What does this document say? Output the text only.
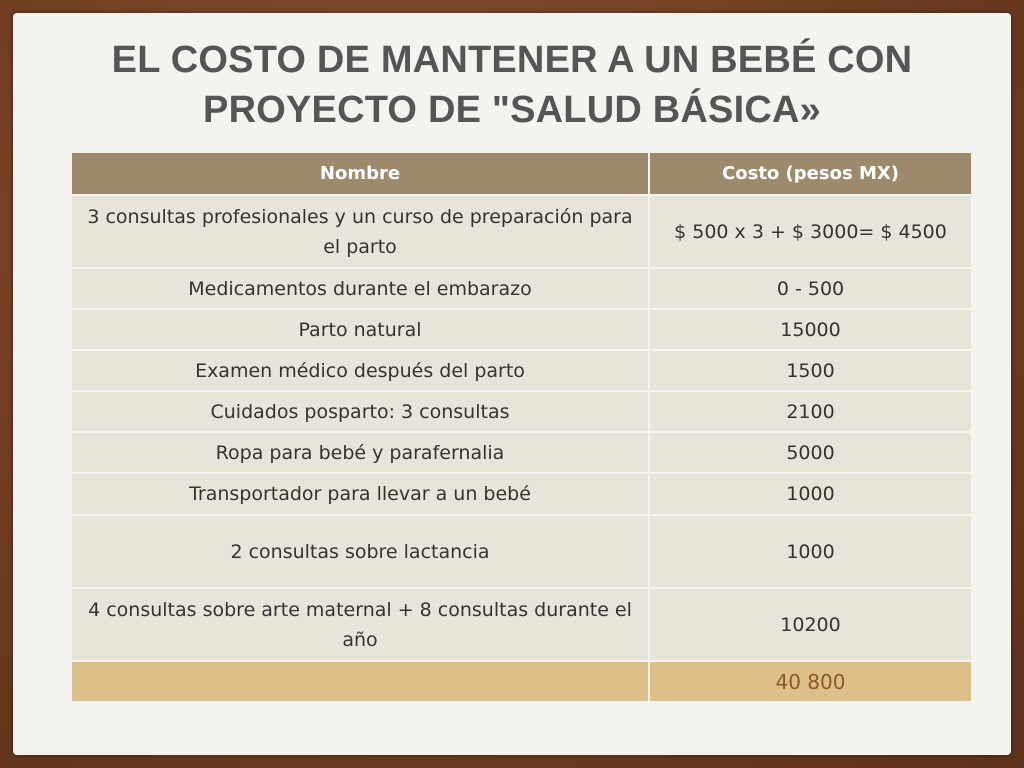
EL COSTO DE MANTENER A UN BEBÉ CON
PROYECTO DE "SALUD BÁSICA»
Nombre	Costo (pesos MX)
3 consultas profesionales y un curso de preparación para el parto	$ 500 x 3 + $ 3000= $ 4500
Medicamentos durante el embarazo	0 - 500
Parto natural	15000
Examen médico después del parto	1500
Cuidados posparto: 3 consultas	2100
Ropa para bebé y parafernalia	5000
Transportador para llevar a un bebé	1000
2 consultas sobre lactancia	1000
4 consultas sobre arte maternal + 8 consultas durante el año	10200
	40 800
